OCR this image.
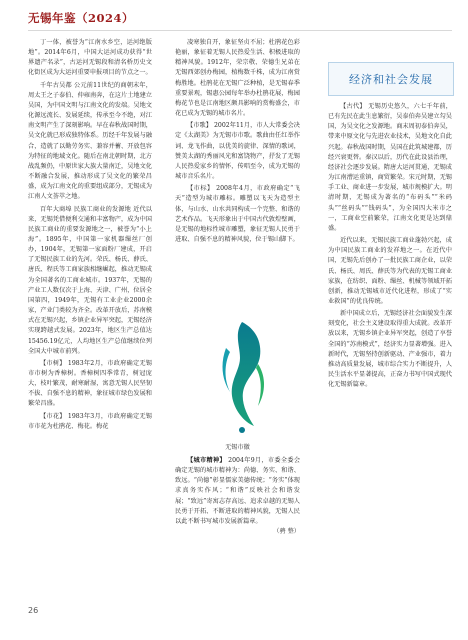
无锡年鉴（2024）

丁一体，被誉为“江南水乡空，运河绝版地”。2014年6月，中国大运河成功获得“世界遗产名录”，古运河无锡段和清名桥历史文化街区成为大运河重要申报项目的节点之一。

千年古吴都 公元前11世纪的商朝末年，周太王之子泰伯、仲雍南奔，在这片土地建立吴国，为中国文明与江南文化的发端。吴地文化源远流长、发展延续，传承至今不绝，对江南文明产生了深刻影响。早在春秋战国时期，吴文化就已形成独特体系。历经千年发展与融合，造就了以勤劳务实、兼容并蓄、开放包容为特征的地域文化。随后在南北朝时期，北方战乱频仍，中原世家大族大量南迁，吴地文化不断融合发展，推动形成了吴文化的繁荣昌盛，成为江南文化的重要组成部分，无锡成为江南人文荟萃之地。

百年大商埠 民族工商业的发源地 近代以来，无锡凭借便利交通和丰富物产，成为中国民族工商业的重要发源地之一，被誉为“小上海”。1895年，中国第一家机器缫丝厂创办，1904年，无锡第一家面粉厂建成，开启了无锡民族工业的先河。荣氏、杨氏、薛氏、唐氏、程氏等工商家族相继崛起，推动无锡成为全国著名的工商业城市。1937年，无锡的产业工人数仅次于上海、天津、广州，位居全国第四，1949年，无锡有工业企业2000余家，产业门类较为齐全。改革开放后，苏南模式在无锡兴起，乡镇企业异军突起，无锡经济实现跨越式发展。2023年，地区生产总值达15456.19亿元，人均地区生产总值继续位列全国大中城市前列。

【市树】 1983年2月，市政府确定无锡市市树为香樟树。香樟树四季常青，树冠庞大，枝叶繁茂，耐寒耐湿，寓意无锡人民坚韧不拔、自强不息的精神，象征城市绿色发展和繁荣昌盛。

【市花】 1983年3月，市政府确定无锡市市花为杜鹃花、梅花。梅花

凌寒独自开，象征坚贞不屈；杜鹃花色彩艳丽，象征着无锡人民热爱生活、积极进取的精神风貌。1912年，荣宗敬、荣德生兄弟在无锡西郊创办梅园，植梅数千株，成为江南赏梅胜地。杜鹃花在无锡广泛种植，是无锡春季重要景观，锡惠公园每年举办杜鹃花展，梅园梅花节也是江南地区颇具影响的赏梅盛会，市花已成为无锡的城市名片。

【市歌】 2002年11月，市人大常委会决定《太湖美》为无锡市市歌。歌曲由任红举作词、龙飞作曲，以优美的旋律、深情的歌词，赞美太湖的秀丽风光和富饶物产，抒发了无锡人民热爱家乡的情怀，传唱至今，成为无锡的城市音乐名片。

【市标】 2008年4月，市政府确定“飞天”造型为城市雕标。雕塑以飞天为造型主体，与山水、山水共同构成一个完整、和谐的艺术作品。飞天形象出于中国古代敦煌壁画，是无锡的地标性城市雕塑，象征无锡人民勇于进取、自强不息的精神风貌，位于锡山脚下。

无锡市徽

【城市精神】 2004年9月，市委全委会确定无锡的城市精神为：尚德、务实、和谐、致远。“尚德”彰显儒家美德传统；“务实”体现求真务实作风；“和谐”反映社会和谐发展；“致远”寄寓志存高远、追求卓越的无锡人民勇于开拓、不断进取的精神风貌，无锡人民以此不断书写城市发展新篇章。

（骋 整）

经济和社会发展

【古代】 无锡历史悠久，六七千年前，已有先民在此生息繁衍，吴泰伯奔吴建立勾吴国，为吴文化之发源地。商末周初泰伯奔吴，带来中原文化与先进农业技术，吴地文化自此兴起。春秋战国时期，吴国在此筑城建都，历经兴衰更替。秦汉以后，历代在此设县治理，经济社会逐步发展。隋唐大运河贯通，无锡成为江南漕运重镇，商贸繁荣。宋元时期，无锡手工业、商业进一步发展，城市规模扩大。明清时期，无锡成为著名的“布码头”“米码头”“丝码头”“钱码头”，为全国四大米市之一，工商业空前繁荣，江南文化更是达到鼎盛。

近代以来，无锡民族工商业蓬勃兴起，成为中国民族工商业的发祥地之一。在近代中国，无锡先后创办了一批民族工商企业，以荣氏、杨氏、周氏、薛氏等为代表的无锡工商业家族，在纺织、面粉、缫丝、机械等领域开拓创新，推动无锡城市近代化进程，形成了“实业救国”的优良传统。

新中国成立后，无锡经济社会面貌发生深刻变化，社会主义建设取得重大成就。改革开放以来，无锡乡镇企业异军突起，创造了享誉全国的“苏南模式”，经济实力显著增强。进入新时代，无锡坚持创新驱动、产业强市，着力推动高质量发展，城市综合实力不断提升，人民生活水平显著提高，正奋力书写中国式现代化无锡新篇章。

26
